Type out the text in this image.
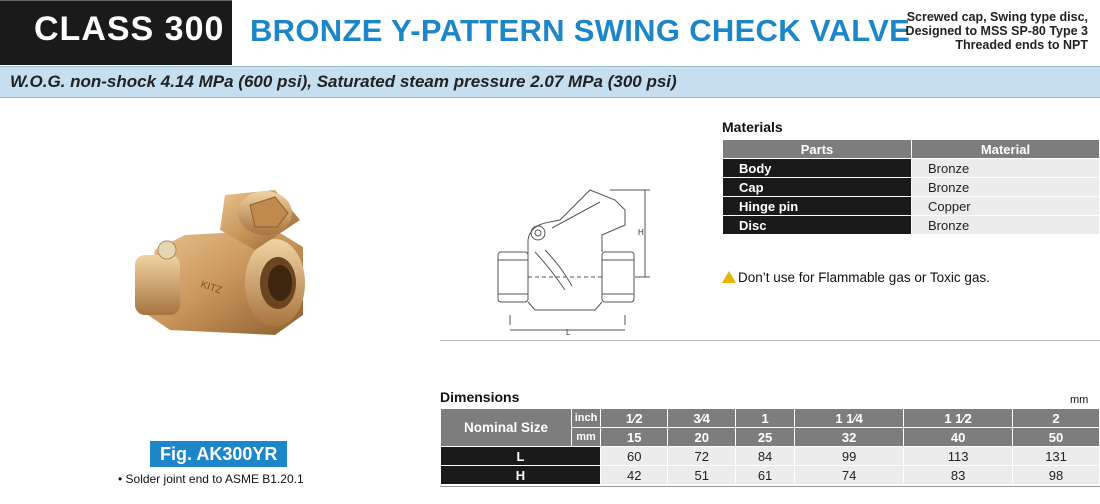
CLASS 300 BRONZE Y-PATTERN SWING CHECK VALVE
Screwed cap, Swing type disc,
Designed to MSS SP-80 Type 3
Threaded ends to NPT
W.O.G. non-shock 4.14 MPa (600 psi), Saturated steam pressure 2.07 MPa (300 psi)
KITZ
Fig. AK300YR
• Solder joint end to ASME B1.20.1
H
L
Materials
Parts	Material
Body	Bronze
Cap	Bronze
Hinge pin	Copper
Disc	Bronze
Don’t use for Flammable gas or Toxic gas.
Dimensions	mm
Nominal Size	inch	1⁄2	3⁄4	1	1 1⁄4	1 1⁄2	2
	mm	15	20	25	32	40	50
L		60	72	84	99	113	131
H		42	51	61	74	83	98
